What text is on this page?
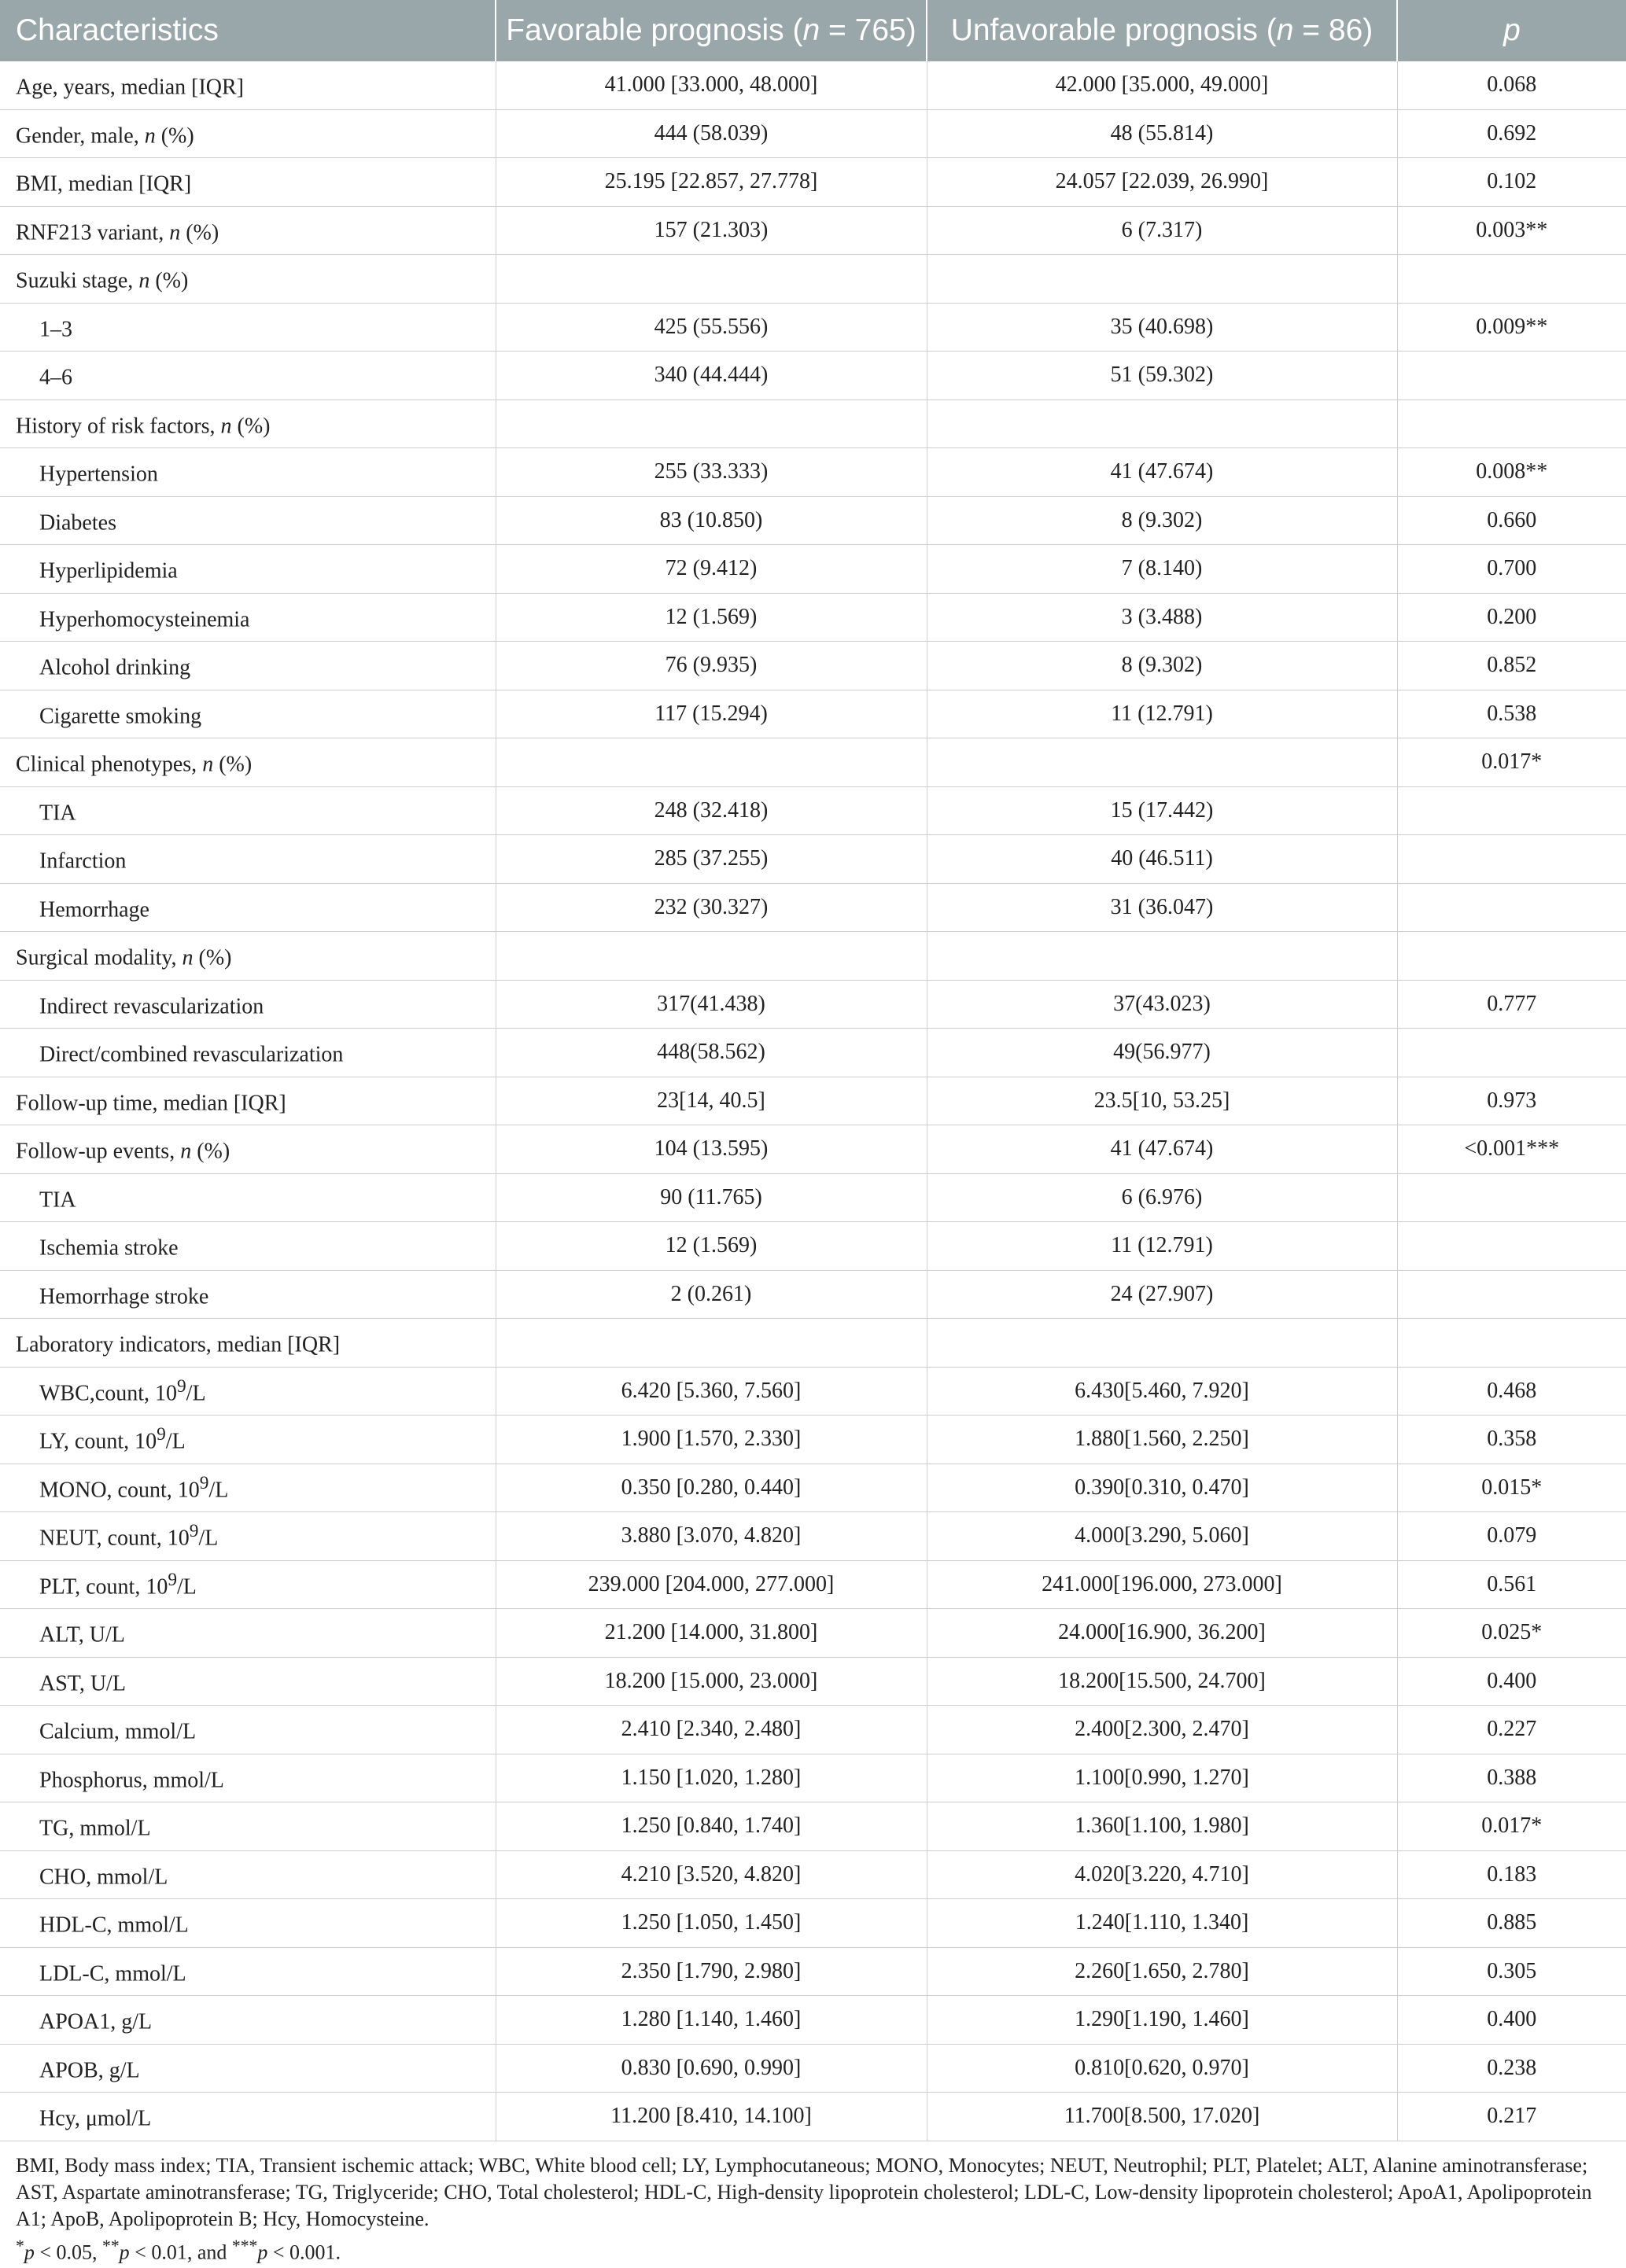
Characteristics	Favorable prognosis (n = 765)	Unfavorable prognosis (n = 86)	p
Age, years, median [IQR]	41.000 [33.000, 48.000]	42.000 [35.000, 49.000]	0.068
Gender, male, n (%)	444 (58.039)	48 (55.814)	0.692
BMI, median [IQR]	25.195 [22.857, 27.778]	24.057 [22.039, 26.990]	0.102
RNF213 variant, n (%)	157 (21.303)	6 (7.317)	0.003**
Suzuki stage, n (%)			
1–3	425 (55.556)	35 (40.698)	0.009**
4–6	340 (44.444)	51 (59.302)	
History of risk factors, n (%)			
Hypertension	255 (33.333)	41 (47.674)	0.008**
Diabetes	83 (10.850)	8 (9.302)	0.660
Hyperlipidemia	72 (9.412)	7 (8.140)	0.700
Hyperhomocysteinemia	12 (1.569)	3 (3.488)	0.200
Alcohol drinking	76 (9.935)	8 (9.302)	0.852
Cigarette smoking	117 (15.294)	11 (12.791)	0.538
Clinical phenotypes, n (%)			0.017*
TIA	248 (32.418)	15 (17.442)	
Infarction	285 (37.255)	40 (46.511)	
Hemorrhage	232 (30.327)	31 (36.047)	
Surgical modality, n (%)			
Indirect revascularization	317(41.438)	37(43.023)	0.777
Direct/combined revascularization	448(58.562)	49(56.977)	
Follow-up time, median [IQR]	23[14, 40.5]	23.5[10, 53.25]	0.973
Follow-up events, n (%)	104 (13.595)	41 (47.674)	<0.001***
TIA	90 (11.765)	6 (6.976)	
Ischemia stroke	12 (1.569)	11 (12.791)	
Hemorrhage stroke	2 (0.261)	24 (27.907)	
Laboratory indicators, median [IQR]			
WBC,count, $10^9/L$	6.420 [5.360, 7.560]	6.430[5.460, 7.920]	0.468
LY, count, $10^9/L$	1.900 [1.570, 2.330]	1.880[1.560, 2.250]	0.358
MONO, count, $10^9/L$	0.350 [0.280, 0.440]	0.390[0.310, 0.470]	0.015*
NEUT, count, $10^9/L$	3.880 [3.070, 4.820]	4.000[3.290, 5.060]	0.079
PLT, count, $10^9/L$	239.000 [204.000, 277.000]	241.000[196.000, 273.000]	0.561
ALT, U/L	21.200 [14.000, 31.800]	24.000[16.900, 36.200]	0.025*
AST, U/L	18.200 [15.000, 23.000]	18.200[15.500, 24.700]	0.400
Calcium, mmol/L	2.410 [2.340, 2.480]	2.400[2.300, 2.470]	0.227
Phosphorus, mmol/L	1.150 [1.020, 1.280]	1.100[0.990, 1.270]	0.388
TG, mmol/L	1.250 [0.840, 1.740]	1.360[1.100, 1.980]	0.017*
CHO, mmol/L	4.210 [3.520, 4.820]	4.020[3.220, 4.710]	0.183
HDL-C, mmol/L	1.250 [1.050, 1.450]	1.240[1.110, 1.340]	0.885
LDL-C, mmol/L	2.350 [1.790, 2.980]	2.260[1.650, 2.780]	0.305
APOA1, g/L	1.280 [1.140, 1.460]	1.290[1.190, 1.460]	0.400
APOB, g/L	0.830 [0.690, 0.990]	0.810[0.620, 0.970]	0.238
Hcy, μmol/L	11.200 [8.410, 14.100]	11.700[8.500, 17.020]	0.217

BMI, Body mass index; TIA, Transient ischemic attack; WBC, White blood cell; LY, Lymphocutaneous; MONO, Monocytes; NEUT, Neutrophil; PLT, Platelet; ALT, Alanine aminotransferase; AST, Aspartate aminotransferase; TG, Triglyceride; CHO, Total cholesterol; HDL-C, High-density lipoprotein cholesterol; LDL-C, Low-density lipoprotein cholesterol; ApoA1, Apolipoprotein A1; ApoB, Apolipoprotein B; Hcy, Homocysteine.

*p < 0.05, **p < 0.01, and ***p < 0.001.
